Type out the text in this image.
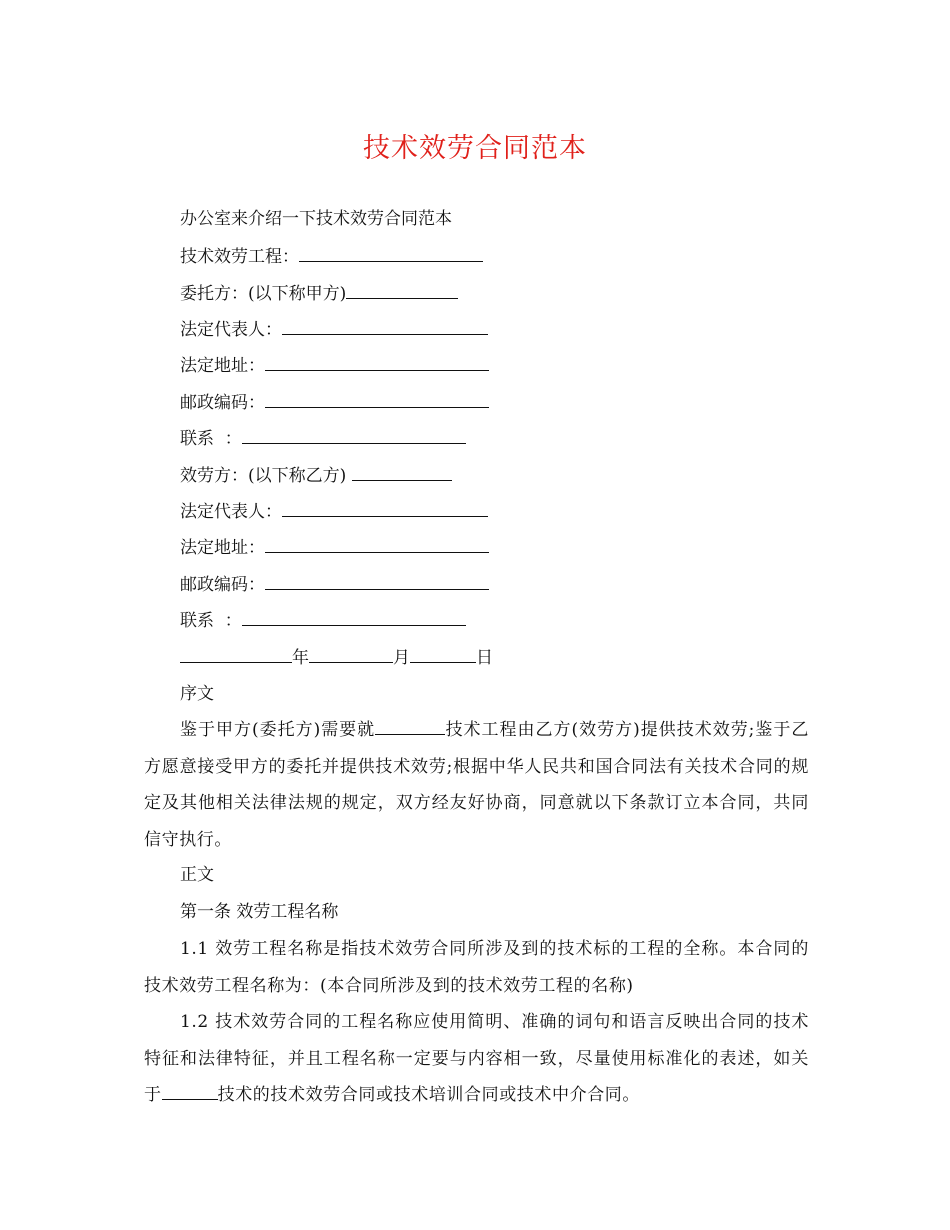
技术效劳合同范本

办公室来介绍一下技术效劳合同范本

技术效劳工程：

委托方：(以下称甲方)

法定代表人：

法定地址：

邮政编码：

联系  ：

效劳方：(以下称乙方)

法定代表人：

法定地址：

邮政编码：

联系  ：

年	月	日

序文

鉴于甲方(委托方)需要就	技术工程由乙方(效劳方)提供技术效劳;鉴于乙方愿意接受甲方的委托并提供技术效劳;根据中华人民共和国合同法有关技术合同的规定及其他相关法律法规的规定，双方经友好协商，同意就以下条款订立本合同，共同信守执行。

正文

第一条 效劳工程名称

1.1 效劳工程名称是指技术效劳合同所涉及到的技术标的工程的全称。本合同的技术效劳工程名称为：(本合同所涉及到的技术效劳工程的名称)

1.2 技术效劳合同的工程名称应使用简明、准确的词句和语言反映出合同的技术特征和法律特征，并且工程名称一定要与内容相一致，尽量使用标准化的表述，如关于	技术的技术效劳合同或技术培训合同或技术中介合同。
